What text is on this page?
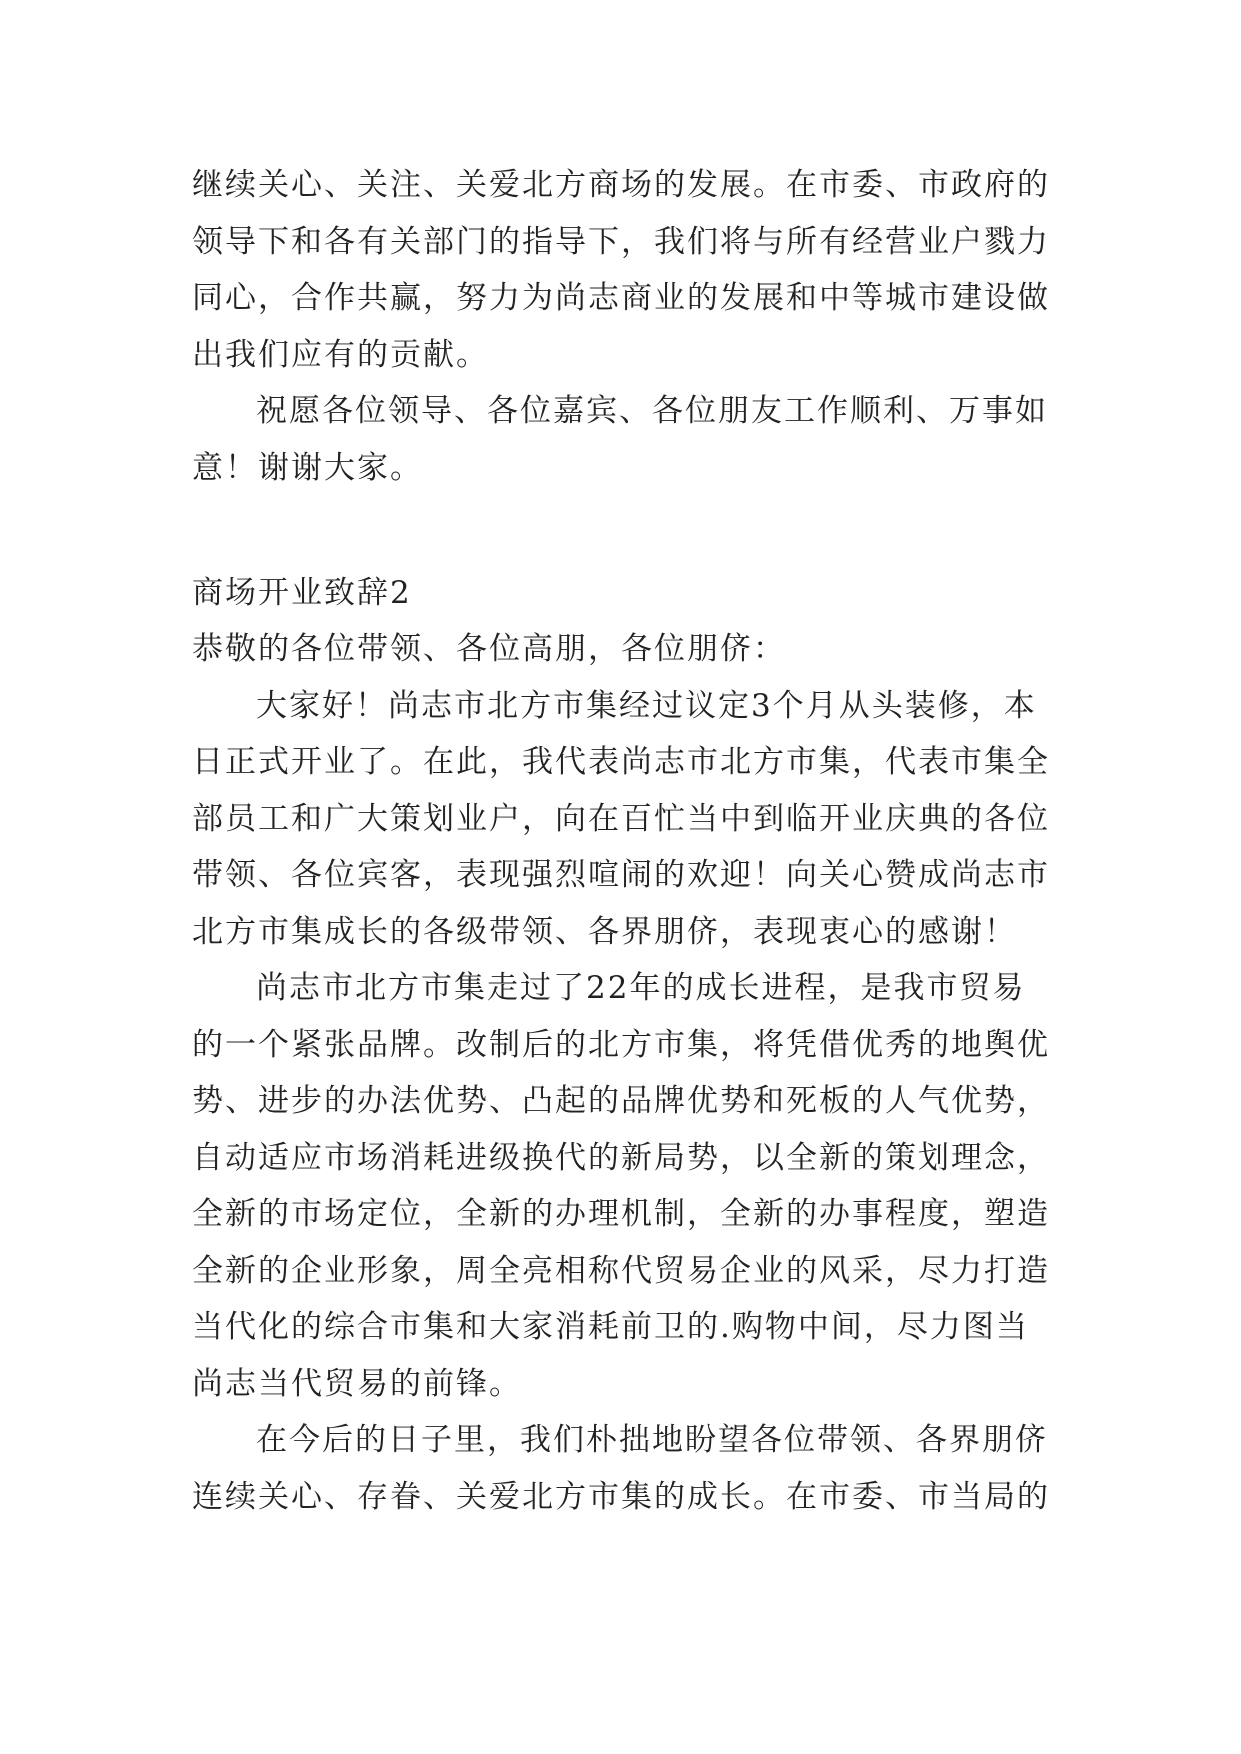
继续关心、关注、关爱北方商场的发展。在市委、市政府的
领导下和各有关部门的指导下，我们将与所有经营业户戮力
同心，合作共赢，努力为尚志商业的发展和中等城市建设做
出我们应有的贡献。
祝愿各位领导、各位嘉宾、各位朋友工作顺利、万事如
意！谢谢大家。
商场开业致辞2
恭敬的各位带领、各位高朋，各位朋侪：
大家好！尚志市北方市集经过议定3个月从头装修，本
日正式开业了。在此，我代表尚志市北方市集，代表市集全
部员工和广大策划业户，向在百忙当中到临开业庆典的各位
带领、各位宾客，表现强烈喧闹的欢迎！向关心赞成尚志市
北方市集成长的各级带领、各界朋侪，表现衷心的感谢！
尚志市北方市集走过了22年的成长进程，是我市贸易
的一个紧张品牌。改制后的北方市集，将凭借优秀的地舆优
势、进步的办法优势、凸起的品牌优势和死板的人气优势，
自动适应市场消耗进级换代的新局势，以全新的策划理念，
全新的市场定位，全新的办理机制，全新的办事程度，塑造
全新的企业形象，周全亮相称代贸易企业的风采，尽力打造
当代化的综合市集和大家消耗前卫的.购物中间，尽力图当
尚志当代贸易的前锋。
在今后的日子里，我们朴拙地盼望各位带领、各界朋侪
连续关心、存眷、关爱北方市集的成长。在市委、市当局的
